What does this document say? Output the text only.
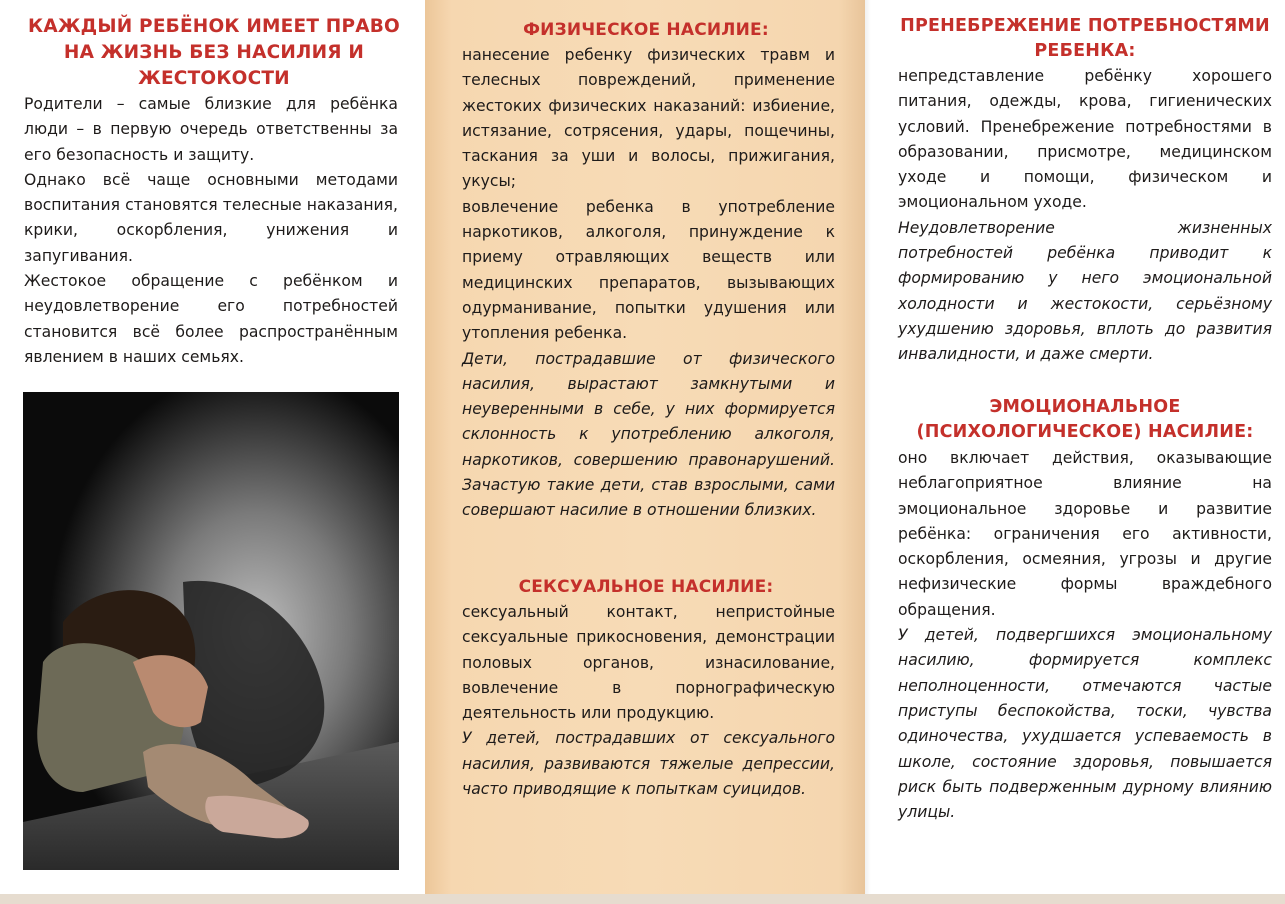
КАЖДЫЙ РЕБЁНОК ИМЕЕТ ПРАВО НА ЖИЗНЬ БЕЗ НАСИЛИЯ И ЖЕСТОКОСТИ

Родители – самые близкие для ребёнка люди – в первую очередь ответственны за его безопасность и защиту.

Однако всё чаще основными методами воспитания становятся телесные наказания, крики, оскорбления, унижения и запугивания.

Жестокое обращение с ребёнком и неудовлетворение его потребностей становится всё более распространённым явлением в наших семьях.

ФИЗИЧЕСКОЕ НАСИЛИЕ:

нанесение ребенку физических травм и телесных повреждений, применение жестоких физических наказаний: избиение, истязание, сотрясения, удары, пощечины, таскания за уши и волосы, прижигания, укусы;

вовлечение ребенка в употребление наркотиков, алкоголя, принуждение к приему отравляющих веществ или медицинских препаратов, вызывающих одурманивание, попытки удушения или утопления ребенка.

Дети, пострадавшие от физического насилия, вырастают замкнутыми и неуверенными в себе, у них формируется склонность к употреблению алкоголя, наркотиков, совершению правонарушений. Зачастую такие дети, став взрослыми, сами совершают насилие в отношении близких.

СЕКСУАЛЬНОЕ НАСИЛИЕ:

сексуальный контакт, непристойные сексуальные прикосновения, демонстрации половых органов, изнасилование, вовлечение в порнографическую деятельность или продукцию.

У детей, пострадавших от сексуального насилия, развиваются тяжелые депрессии, часто приводящие к попыткам суицидов.

ПРЕНЕБРЕЖЕНИЕ ПОТРЕБНОСТЯМИ РЕБЕНКА:

непредставление ребёнку хорошего питания, одежды, крова, гигиенических условий. Пренебрежение потребностями в образовании, присмотре, медицинском уходе и помощи, физическом и эмоциональном уходе.

Неудовлетворение жизненных потребностей ребёнка приводит к формированию у него эмоциональной холодности и жестокости, серьёзному ухудшению здоровья, вплоть до развития инвалидности, и даже смерти.

ЭМОЦИОНАЛЬНОЕ (ПСИХОЛОГИЧЕСКОЕ) НАСИЛИЕ:

оно включает действия, оказывающие неблагоприятное влияние на эмоциональное здоровье и развитие ребёнка: ограничения его активности, оскорбления, осмеяния, угрозы и другие нефизические формы враждебного обращения.

У детей, подвергшихся эмоциональному насилию, формируется комплекс неполноценности, отмечаются частые приступы беспокойства, тоски, чувства одиночества, ухудшается успеваемость в школе, состояние здоровья, повышается риск быть подверженным дурному влиянию улицы.
